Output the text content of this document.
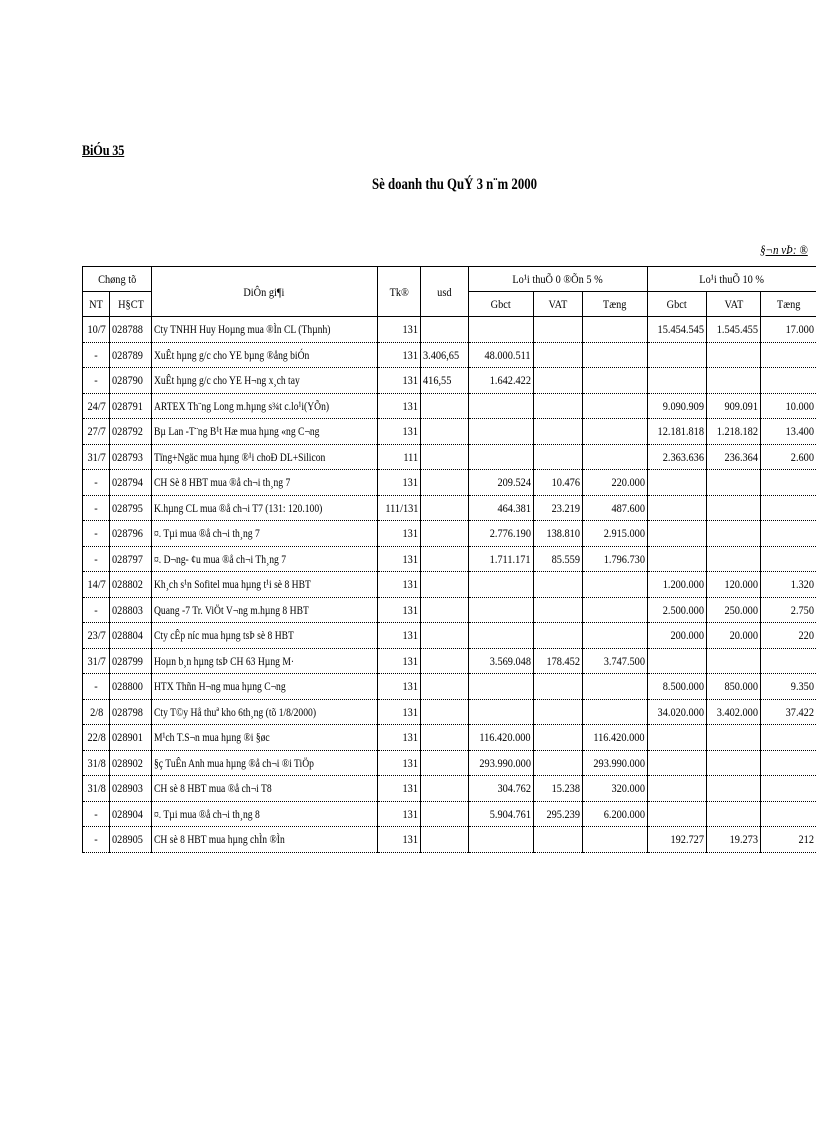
BiÓu 35
Sè doanh thu QuÝ 3 n¨m 2000
§¬n vÞ: ®
Chøng tõ		DiÔn gi¶i	Tk®	usd	Lo¹i thuÕ 0 ®Õn 5 %			Lo¹i thuÕ 10 %		
NT	H§CT				Gbct	VAT	Tæng	Gbct	VAT	Tæng
10/7	028788	Cty TNHH Huy Hoµng mua ®Ìn CL (Thµnh)	131					15.454.545	1.545.455	17.000
-	028789	XuÊt hµng g/c cho YE bµng ®ång biÓn	131	3.406,65	48.000.511					
-	028790	XuÊt hµng g/c cho YE H¬ng x¸ch tay	131	416,55	1.642.422					
24/7	028791	ARTEX Th¨ng Long m.hµng s¾t c.lo¹i(YÕn)	131					9.090.909	909.091	10.000
27/7	028792	Bµ Lan -T¨ng B¹t Hæ mua hµng «ng C¬ng	131					12.181.818	1.218.182	13.400
31/7	028793	Tïng+Ngäc mua hµng ®¹i choÐ DL+Silicon	111					2.363.636	236.364	2.600
-	028794	CH Sè 8 HBT mua ®å ch¬i th¸ng 7	131		209.524	10.476	220.000			
-	028795	K.hµng CL mua ®å ch¬i T7 (131: 120.100)	111/131		464.381	23.219	487.600			
-	028796	¤. Tµi mua ®å ch¬i th¸ng 7	131		2.776.190	138.810	2.915.000			
-	028797	¤. D¬ng- ¢u mua ®å ch¬i Th¸ng 7	131		1.711.171	85.559	1.796.730			
14/7	028802	Kh¸ch s¹n Sofitel mua hµng t¹i sè 8 HBT	131					1.200.000	120.000	1.320
-	028803	Quang -7 Tr. ViÖt V¬ng m.hµng 8 HBT	131					2.500.000	250.000	2.750
23/7	028804	Cty cÊp níc mua hµng tsÞ sè 8 HBT	131					200.000	20.000	220
31/7	028799	Hoµn b¸n hµng tsÞ CH 63 Hµng M·	131		3.569.048	178.452	3.747.500			
-	028800	HTX Thñn H¬ng mua hµng C¬ng	131					8.500.000	850.000	9.350
2/8	028798	Cty T©y Hå thuª kho 6th¸ng (tõ 1/8/2000)	131					34.020.000	3.402.000	37.422
22/8	028901	M¹ch T.S¬n mua hµng ®i §øc	131		116.420.000		116.420.000			
31/8	028902	§ç TuÊn Anh mua hµng ®å ch¬i ®i TiÖp	131		293.990.000		293.990.000			
31/8	028903	CH sè 8 HBT mua ®å ch¬i T8	131		304.762	15.238	320.000			
-	028904	¤. Tµi mua ®å ch¬i th¸ng 8	131		5.904.761	295.239	6.200.000			
-	028905	CH sè 8 HBT mua hµng chÌn ®Ìn	131					192.727	19.273	212
